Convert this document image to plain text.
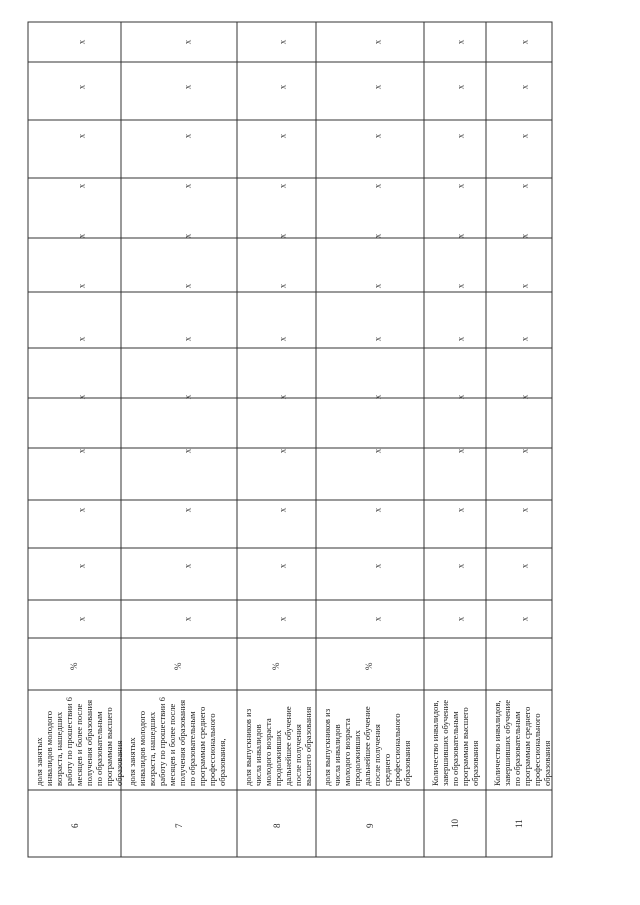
6
доля занятых
инвалидов молодого
возраста, нашедших
работу по прошествии 6
месяцев и более после
получения образования
по образовательным
программам высшего
образования
%
x
x
x
x
x
x
x
x
x
x
x
x
7
доля занятых
инвалидов молодого
возраста, нашедших
работу по прошествии 6
месяцев и более после
получения образования
по образовательным
программам среднего
профессионального
образования,
%
x
x
x
x
x
x
x
x
x
x
x
x
8
доля выпускников из
числа инвалидов
молодого возраста
продолживших
дальнейшее обучение
после получения
высшего образования
%
x
x
x
x
x
x
x
x
x
x
x
x
9
доля выпускников из
числа инвалидов
молодого возраста
продолживших
дальнейшее обучение
после получения
среднего
профессионального
образования
%
x
x
x
x
x
x
x
x
x
x
x
x
10
Количество инвалидов,
завершивших обучение
по образовательным
программам высшего
образования
x
x
x
x
x
x
x
x
x
x
x
x
11
Количество инвалидов,
завершивших обучение
по образовательным
программам среднего
профессионального
образования
x
x
x
x
x
x
x
x
x
x
x
x
